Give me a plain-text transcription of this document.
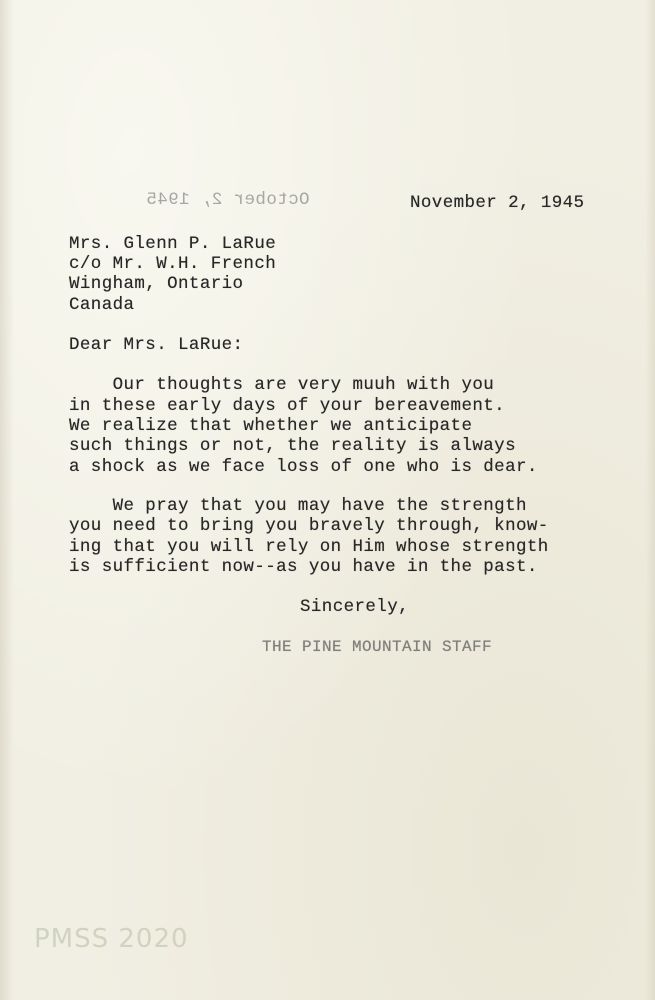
October 2, 1945	November 2, 1945
Mrs. Glenn P. LaRue
c/o Mr. W.H. French
Wingham, Ontario
Canada
Dear Mrs. LaRue:
Our thoughts are very muuh with you
in these early days of your bereavement.
We realize that whether we anticipate
such things or not, the reality is always
a shock as we face loss of one who is dear.
We pray that you may have the strength
you need to bring you bravely through, know-
ing that you will rely on Him whose strength
is sufficient now--as you have in the past.
Sincerely,
THE PINE MOUNTAIN STAFF
PMSS 2020
